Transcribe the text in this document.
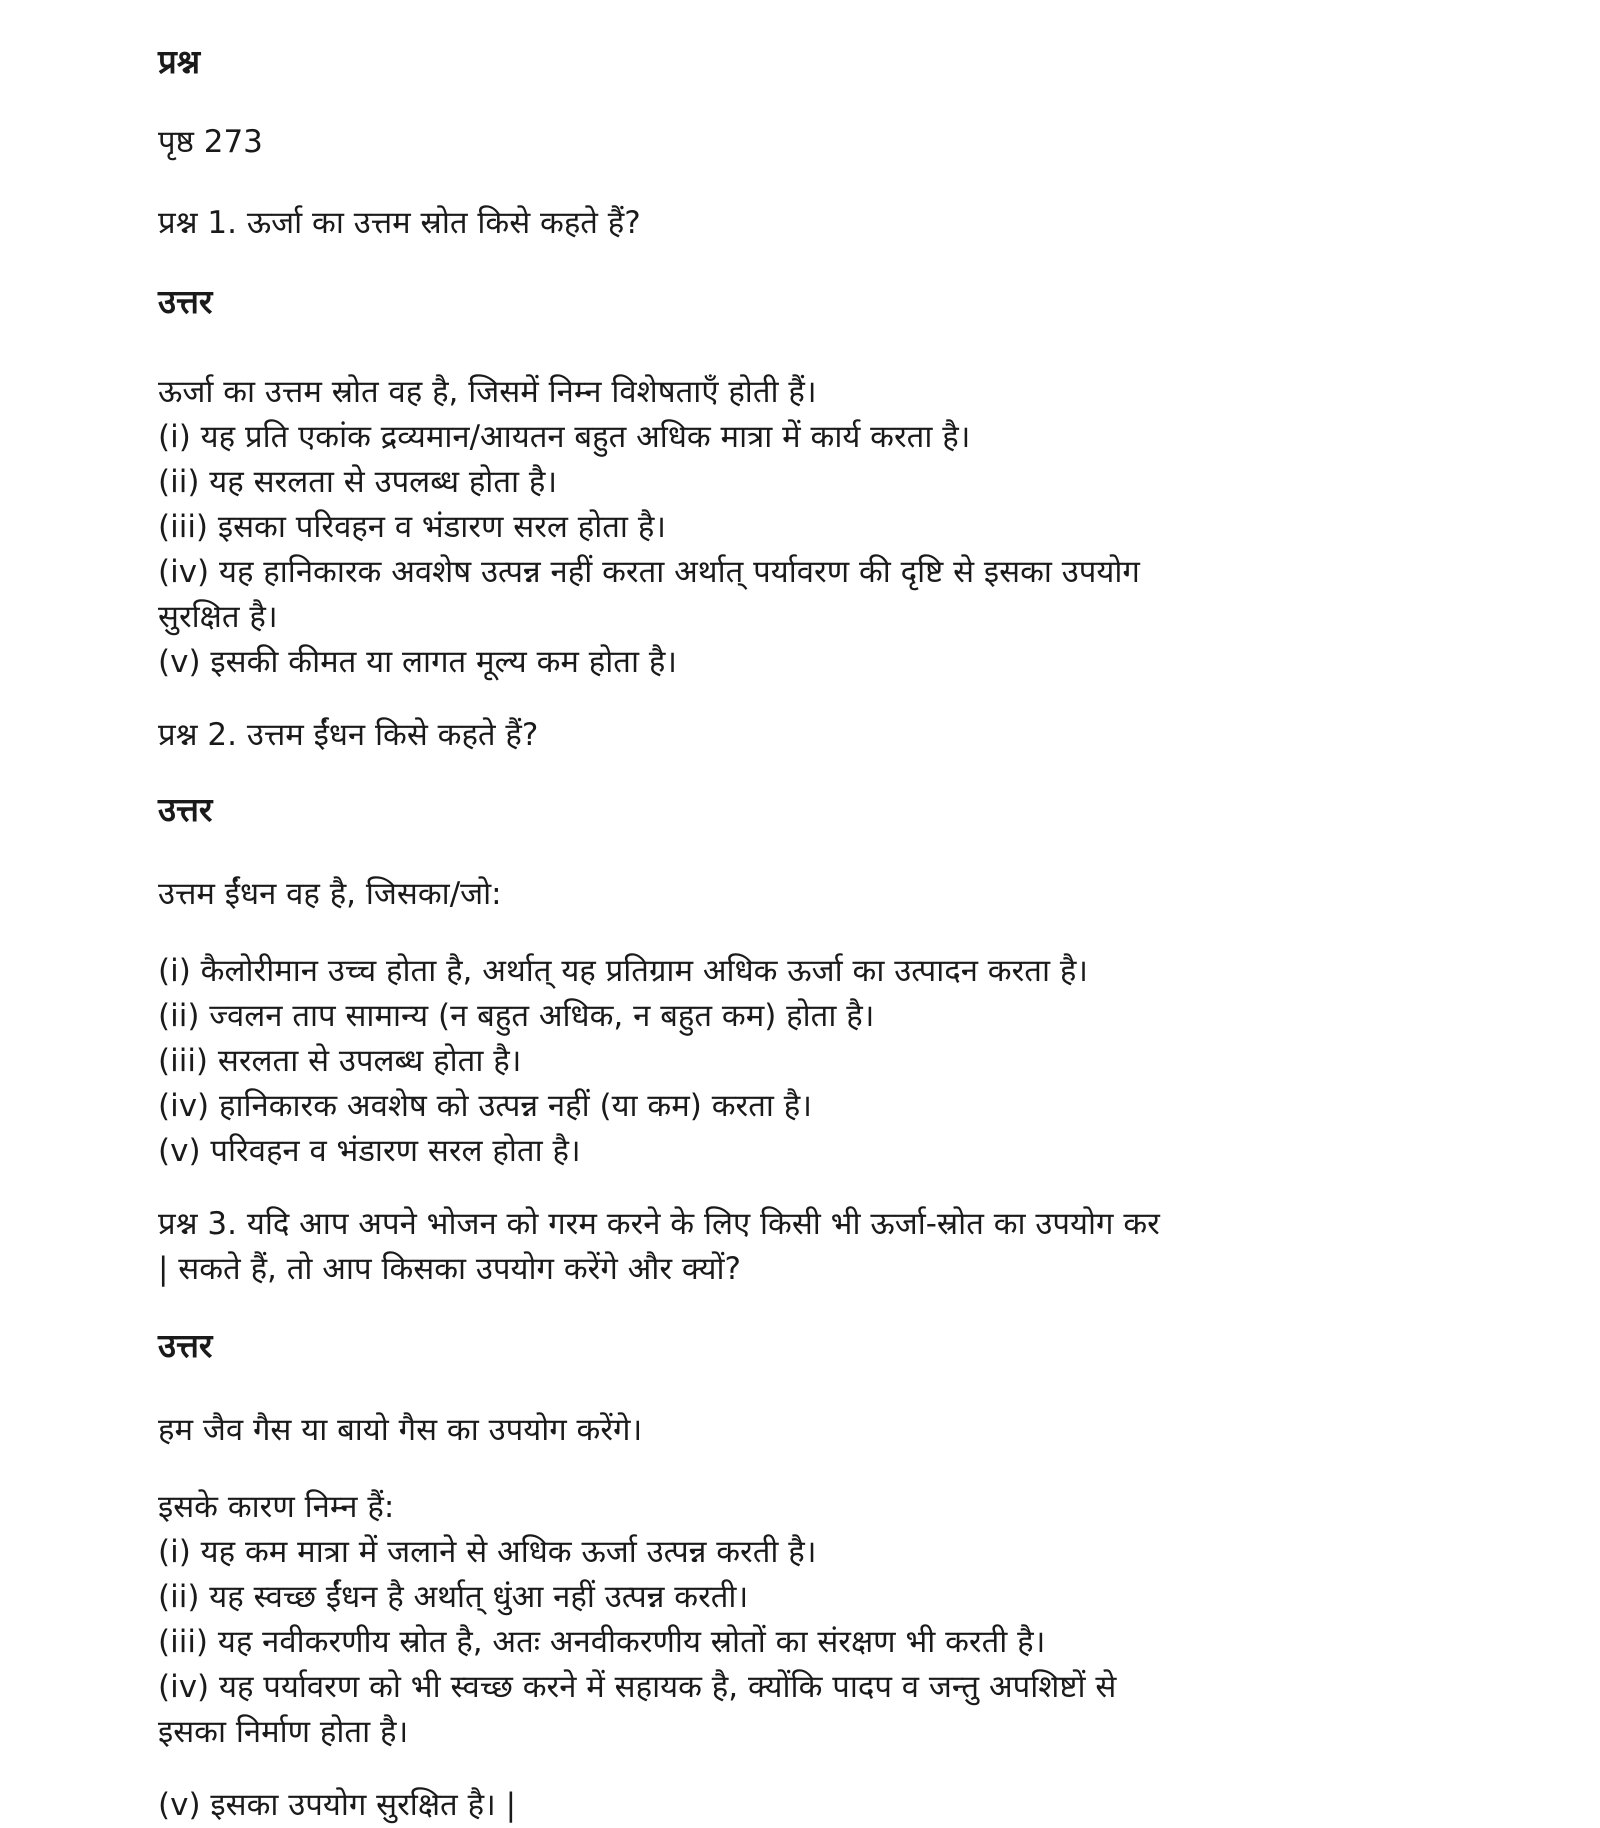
प्रश्न

पृष्ठ 273

प्रश्न 1. ऊर्जा का उत्तम स्रोत किसे कहते हैं?

उत्तर

ऊर्जा का उत्तम स्रोत वह है, जिसमें निम्न विशेषताएँ होती हैं।
(i) यह प्रति एकांक द्रव्यमान/आयतन बहुत अधिक मात्रा में कार्य करता है।
(ii) यह सरलता से उपलब्ध होता है।
(iii) इसका परिवहन व भंडारण सरल होता है।
(iv) यह हानिकारक अवशेष उत्पन्न नहीं करता अर्थात् पर्यावरण की दृष्टि से इसका उपयोग
सुरक्षित है।
(v) इसकी कीमत या लागत मूल्य कम होता है।

प्रश्न 2. उत्तम ईंधन किसे कहते हैं?

उत्तर

उत्तम ईंधन वह है, जिसका/जो:

(i) कैलोरीमान उच्च होता है, अर्थात् यह प्रतिग्राम अधिक ऊर्जा का उत्पादन करता है।
(ii) ज्वलन ताप सामान्य (न बहुत अधिक, न बहुत कम) होता है।
(iii) सरलता से उपलब्ध होता है।
(iv) हानिकारक अवशेष को उत्पन्न नहीं (या कम) करता है।
(v) परिवहन व भंडारण सरल होता है।
प्रश्न 3. यदि आप अपने भोजन को गरम करने के लिए किसी भी ऊर्जा-स्रोत का उपयोग कर
| सकते हैं, तो आप किसका उपयोग करेंगे और क्यों?

उत्तर

हम जैव गैस या बायो गैस का उपयोग करेंगे।

इसके कारण निम्न हैं:
(i) यह कम मात्रा में जलाने से अधिक ऊर्जा उत्पन्न करती है।
(ii) यह स्वच्छ ईंधन है अर्थात् धुंआ नहीं उत्पन्न करती।
(iii) यह नवीकरणीय स्रोत है, अतः अनवीकरणीय स्रोतों का संरक्षण भी करती है।
(iv) यह पर्यावरण को भी स्वच्छ करने में सहायक है, क्योंकि पादप व जन्तु अपशिष्टों से
इसका निर्माण होता है।

(v) इसका उपयोग सुरक्षित है। |
